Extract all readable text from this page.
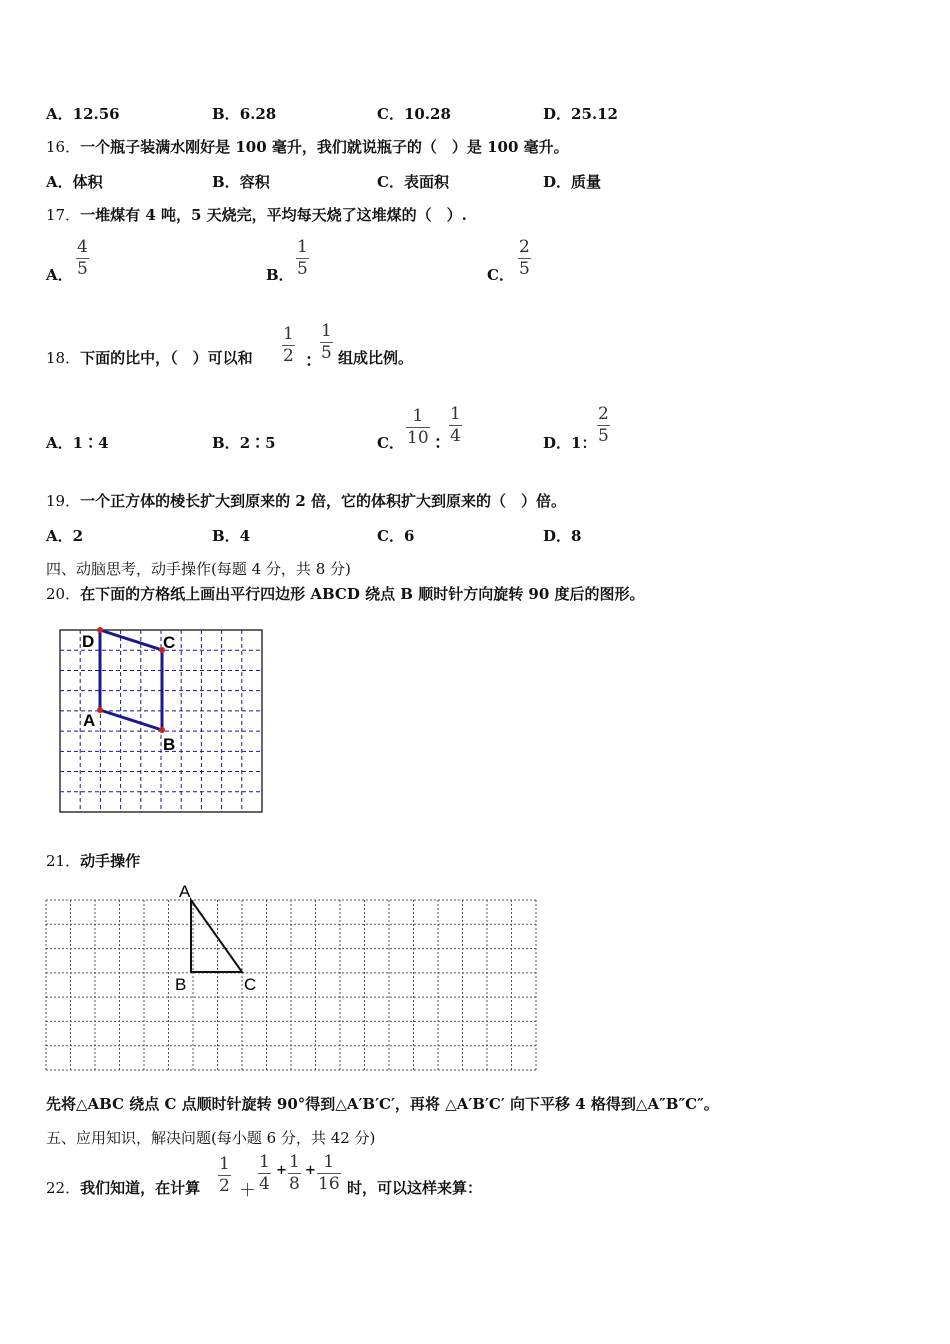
A．12.56	B．6.28	C．10.28	D．25.12
16．一个瓶子装满水刚好是 100 毫升，我们就说瓶子的（　）是 100 毫升。
A．体积	B．容积	C．表面积	D．质量
17．一堆煤有 4 吨，5 天烧完，平均每天烧了这堆煤的（　）.
A．
4
5	B．
1
5	C．
2
5
18．下面的比中，（　）可以和
1
2 ：
1
5 组成比例。
A．1∶4	B．2∶5	C．
1
10 ：
1
4	D．1：
2
5
19．一个正方体的棱长扩大到原来的 2 倍，它的体积扩大到原来的（　）倍。
A．2	B．4	C．6	D．8
四、动脑思考，动手操作(每题 4 分，共 8 分)
20．在下面的方格纸上画出平行四边形 ABCD 绕点 B 顺时针方向旋转 90 度后的图形。
A
B
C
D
21．动手操作
A
B	C
先将△ABC 绕点 C 点顺时针旋转 90°得到△A′B′C′，再将 △A′B′C′ 向下平移 4 格得到△A″B″C″。
五、应用知识，解决问题(每小题 6 分，共 42 分)
22．我们知道，在计算
1
2 ＋
1
4
+ 1
8
+ 1
16 时，可以这样来算：
